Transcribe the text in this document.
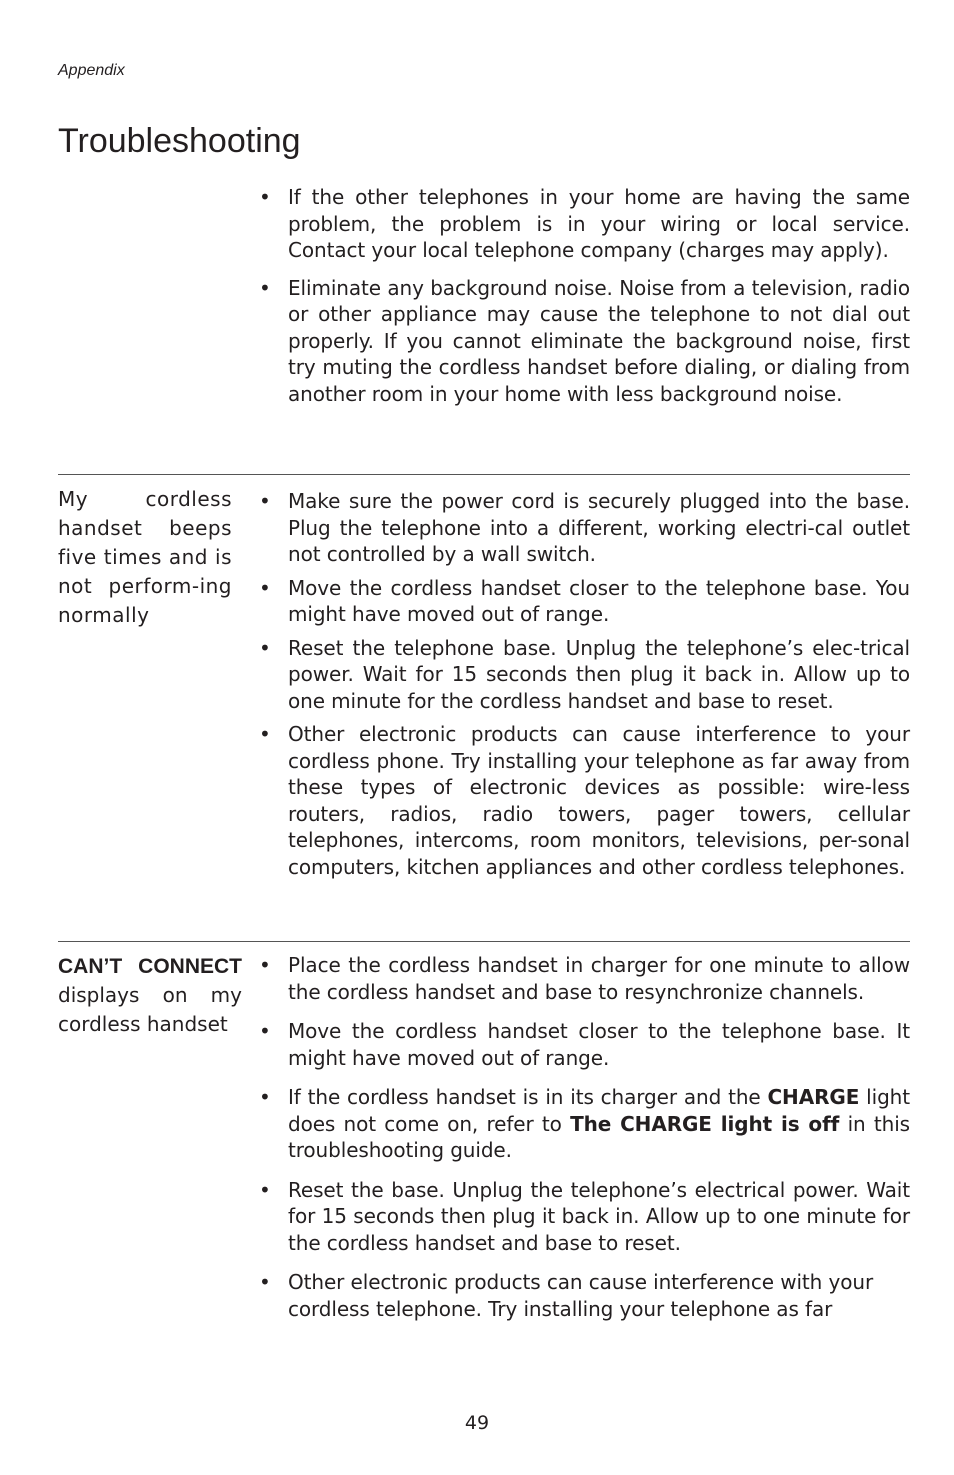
Appendix
Troubleshooting
• If the other telephones in your home are having the same problem, the problem is in your wiring or local service. Contact your local telephone company (charges may apply).
• Eliminate any background noise. Noise from a television, radio or other appliance may cause the telephone to not dial out properly. If you cannot eliminate the background noise, first try muting the cordless handset before dialing, or dialing from another room in your home with less background noise.
My cordless handset beeps five times and is not perform-ing normally
• Make sure the power cord is securely plugged into the base. Plug the telephone into a different, working electri-cal outlet not controlled by a wall switch.
• Move the cordless handset closer to the telephone base. You might have moved out of range.
• Reset the telephone base. Unplug the telephone’s elec-trical power. Wait for 15 seconds then plug it back in. Allow up to one minute for the cordless handset and base to reset.
• Other electronic products can cause interference to your cordless phone. Try installing your telephone as far away from these types of electronic devices as possible: wire-less routers, radios, radio towers, pager towers, cellular telephones, intercoms, room monitors, televisions, per-sonal computers, kitchen appliances and other cordless telephones.
CAN’T CONNECT displays on my cordless handset
• Place the cordless handset in charger for one minute to allow the cordless handset and base to resynchronize channels.
• Move the cordless handset closer to the telephone base. It might have moved out of range.
• If the cordless handset is in its charger and the CHARGE light does not come on, refer to The CHARGE light is off in this troubleshooting guide.
• Reset the base. Unplug the telephone’s electrical power. Wait for 15 seconds then plug it back in. Allow up to one minute for the cordless handset and base to reset.
• Other electronic products can cause interference with your cordless telephone. Try installing your telephone as far
49
